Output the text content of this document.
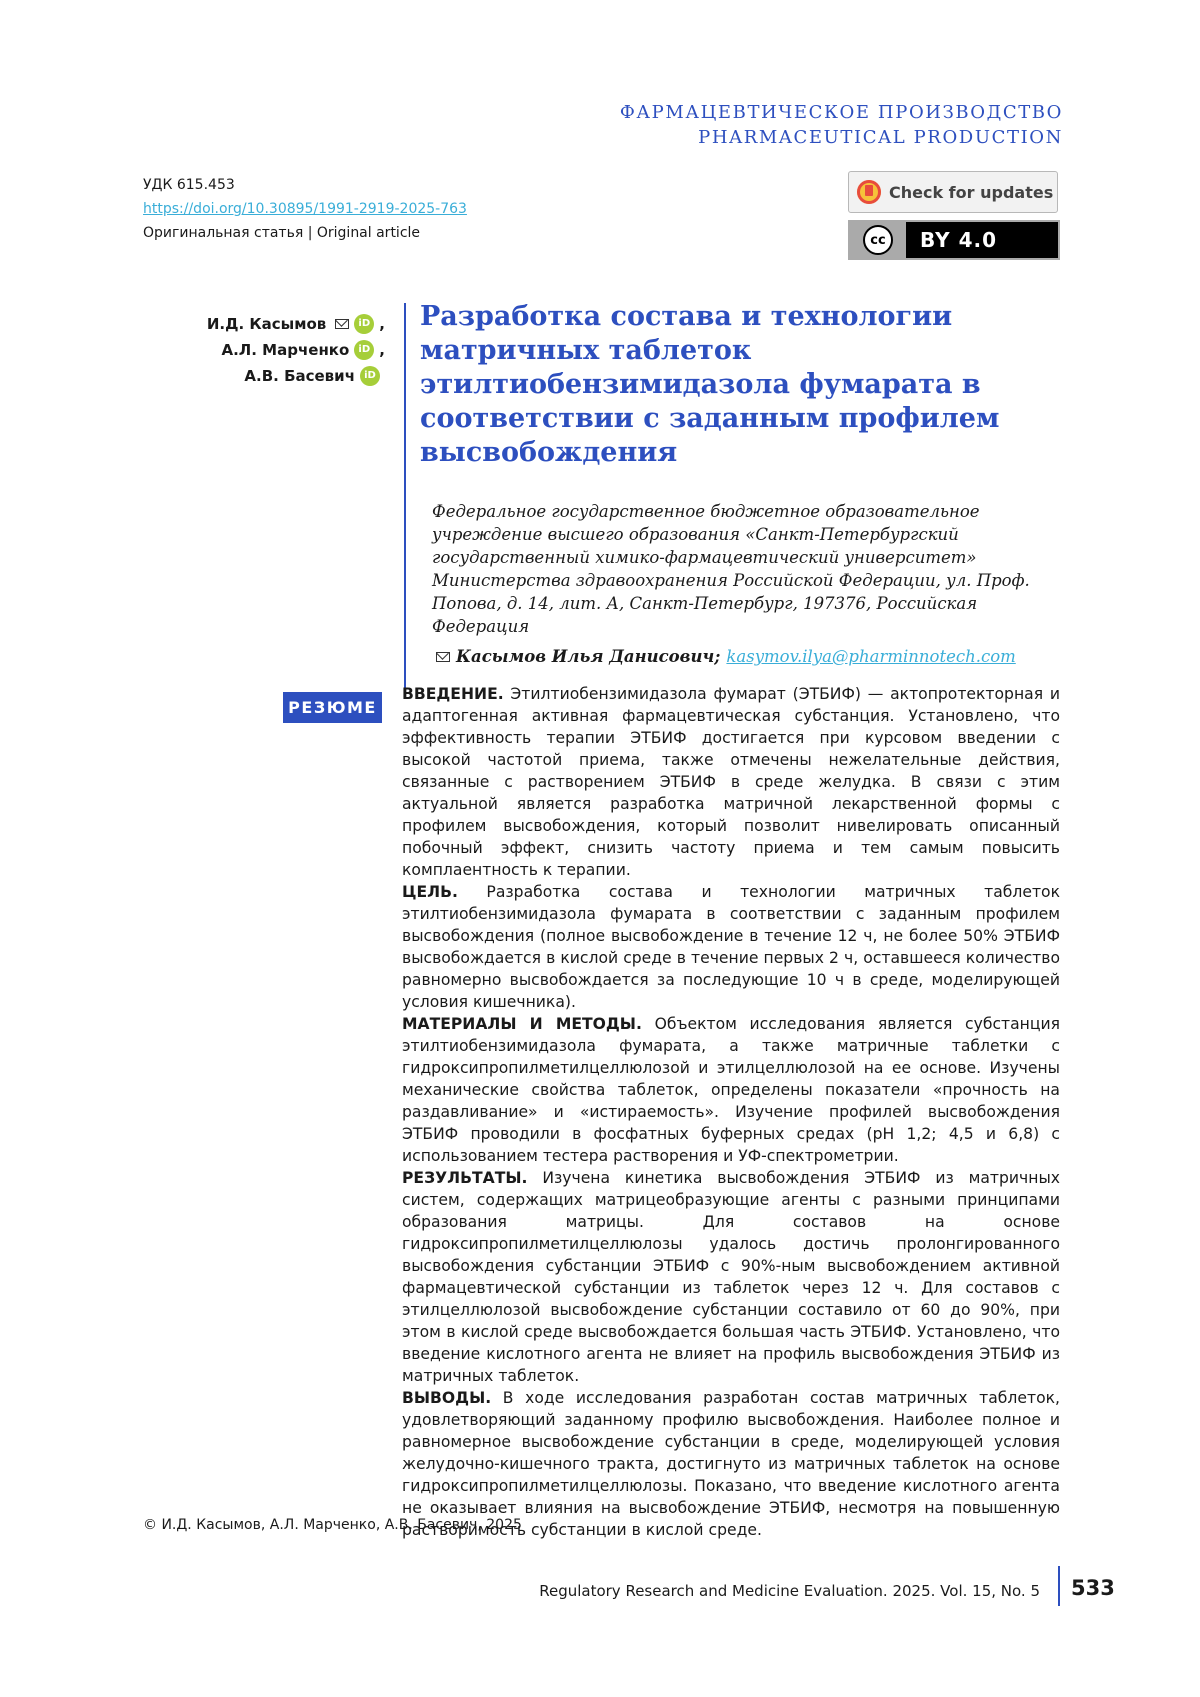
ФАРМАЦЕВТИЧЕСКОЕ ПРОИЗВОДСТВО
PHARMACEUTICAL PRODUCTION
УДК 615.453
https://doi.org/10.30895/1991-2919-2025-763
Оригинальная статья | Original article
Check for updates
cc	BY 4.0
И.Д. Касымов	iD ,
А.Л. Марченко iD ,
А.В. Басевич iD
Разработка состава и технологии матричных таблеток этилтиобензимидазола фумарата в соответствии с заданным профилем высвобождения
Федеральное государственное бюджетное образовательное учреждение высшего образования «Санкт-Петербургский государственный химико-фармацевтический университет» Министерства здравоохранения Российской Федерации, ул. Проф. Попова, д. 14, лит. А, Санкт-Петербург, 197376, Российская Федерация
Касымов Илья Данисович; kasymov.ilya@pharminnotech.com
РЕЗЮМЕ

ВВЕДЕНИЕ. Этилтиобензимидазола фумарат (ЭТБИФ) — актопротекторная и адаптогенная активная фармацевтическая субстанция. Установлено, что эффективность терапии ЭТБИФ достигается при курсовом введении с высокой частотой приема, также отмечены нежелательные действия, связанные с растворением ЭТБИФ в среде желудка. В связи с этим актуальной является разработка матричной лекарственной формы с профилем высвобождения, который позволит нивелировать описанный побочный эффект, снизить частоту приема и тем самым повысить комплаентность к терапии.

ЦЕЛЬ. Разработка состава и технологии матричных таблеток этилтиобензимидазола фумарата в соответствии с заданным профилем высвобождения (полное высвобождение в течение 12 ч, не более 50% ЭТБИФ высвобождается в кислой среде в течение первых 2 ч, оставшееся количество равномерно высвобождается за последующие 10 ч в среде, моделирующей условия кишечника).

МАТЕРИАЛЫ И МЕТОДЫ. Объектом исследования является субстанция этилтиобензимидазола фумарата, а также матричные таблетки с гидроксипропилметилцеллюлозой и этилцеллюлозой на ее основе. Изучены механические свойства таблеток, определены показатели «прочность на раздавливание» и «истираемость». Изучение профилей высвобождения ЭТБИФ проводили в фосфатных буферных средах (рН 1,2; 4,5 и 6,8) с использованием тестера растворения и УФ-спектрометрии.

РЕЗУЛЬТАТЫ. Изучена кинетика высвобождения ЭТБИФ из матричных систем, содержащих матрицеобразующие агенты с разными принципами образования матрицы. Для составов на основе гидроксипропилметилцеллюлозы удалось достичь пролонгированного высвобождения субстанции ЭТБИФ с 90%-ным высвобождением активной фармацевтической субстанции из таблеток через 12 ч. Для составов с этилцеллюлозой высвобождение субстанции составило от 60 до 90%, при этом в кислой среде высвобождается большая часть ЭТБИФ. Установлено, что введение кислотного агента не влияет на профиль высвобождения ЭТБИФ из матричных таблеток.

ВЫВОДЫ. В ходе исследования разработан состав матричных таблеток, удовлетворяющий заданному профилю высвобождения. Наиболее полное и равномерное высвобождение субстанции в среде, моделирующей условия желудочно-кишечного тракта, достигнуто из матричных таблеток на основе гидроксипропилметилцеллюлозы. Показано, что введение кислотного агента не оказывает влияния на высвобождение ЭТБИФ, несмотря на повышенную растворимость субстанции в кислой среде.

© И.Д. Касымов, А.Л. Марченко, А.В. Басевич, 2025
Regulatory Research and Medicine Evaluation. 2025. Vol. 15, No. 5 533
